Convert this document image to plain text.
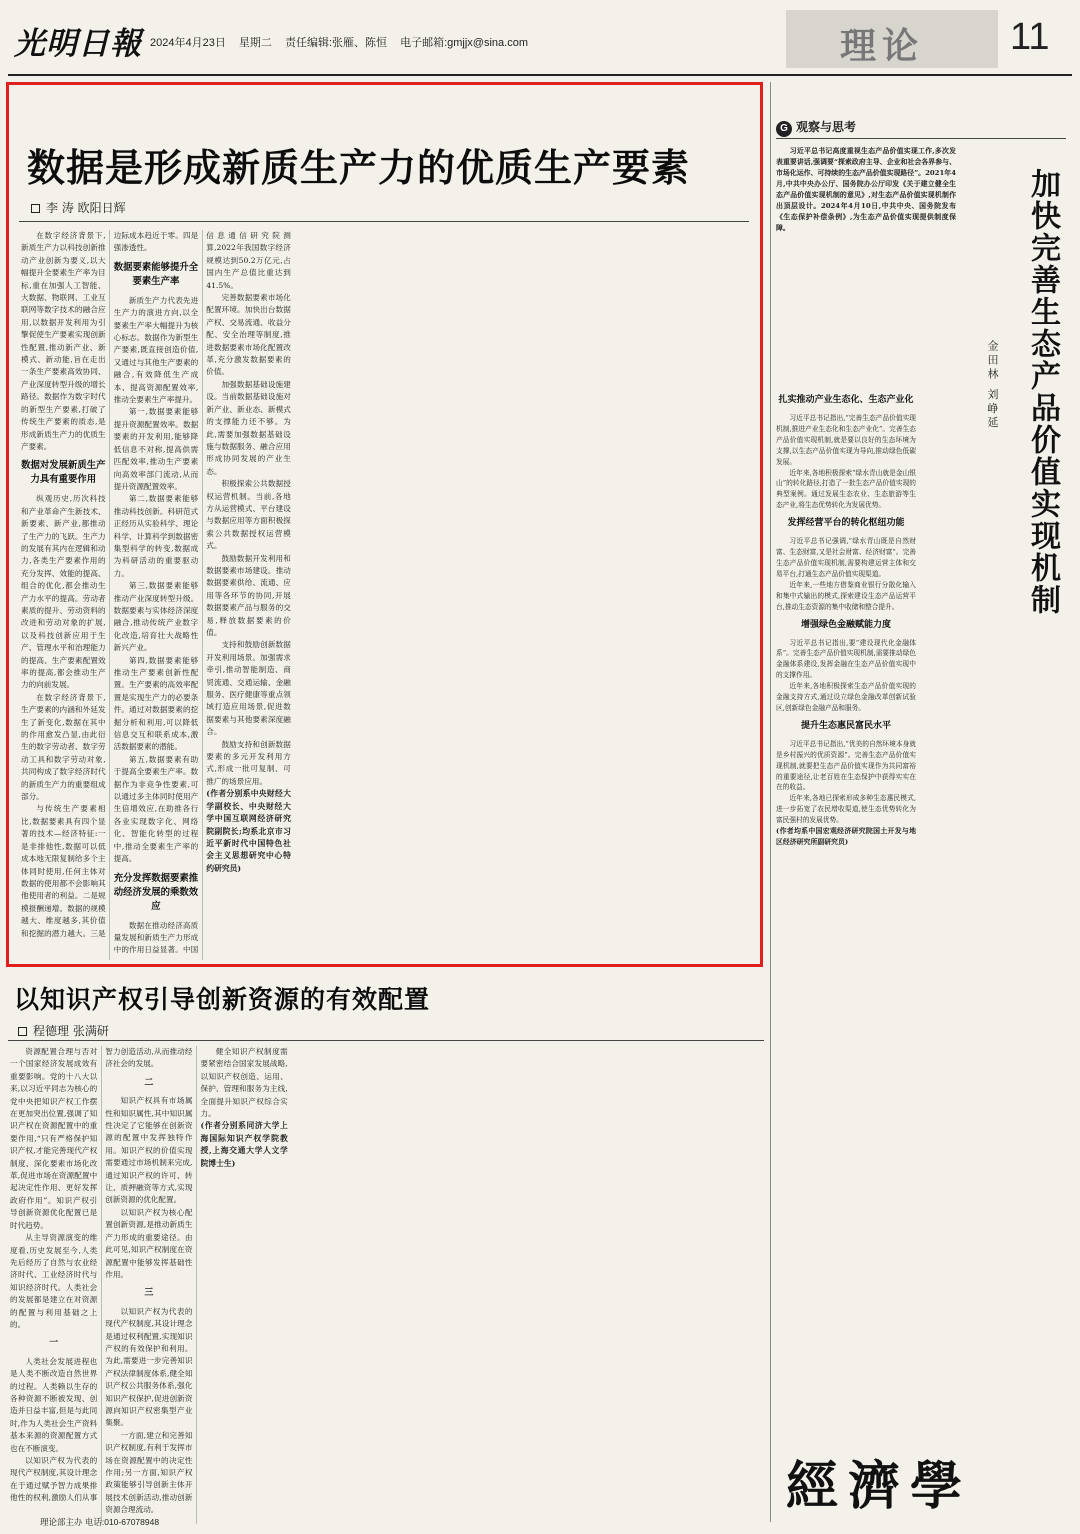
光明日報 2024年4月23日 星期二 责任编辑:张雁、陈恒 电子邮箱:gmjjx@sina.com	理论 11
数据是形成新质生产力的优质生产要素
李 涛 欧阳日辉

在数字经济背景下,新质生产力以科技创新推动产业创新为要义,以大幅提升全要素生产率为目标,重在加强人工智能、大数据、物联网、工业互联网等数字技术的融合应用,以数据开发利用为引擎促使生产要素实现创新性配置,推动新产业、新模式、新动能,旨在走出一条生产要素高效协同、产业深度转型升级的增长路径。数据作为数字时代的新型生产要素,打破了传统生产要素的质态,是形成新质生产力的优质生产要素。

数据对发展新质生产力具有重要作用

纵观历史,历次科技和产业革命产生新技术、新要素、新产业,都推动了生产力的飞跃。生产力的发展有其内在逻辑和动力,各类生产要素作用的充分发挥、效能的提高、组合的优化,都会推动生产力水平的提高。劳动者素质的提升、劳动资料的改进和劳动对象的扩展,以及科技创新应用于生产、管理水平和治理能力的提高、生产要素配置效率的提高,都会推动生产力的向前发展。

在数字经济背景下,生产要素的内涵和外延发生了新变化,数据在其中的作用愈发凸显,由此衍生的数字劳动者、数字劳动工具和数字劳动对象,共同构成了数字经济时代的新质生产力的重要组成部分。

与传统生产要素相比,数据要素具有四个显著的技术—经济特征:一是非排他性,数据可以低成本地无限复制给多个主体同时使用,任何主体对数据的使用都不会影响其他使用者的利益。二是规模报酬递增。数据的规模越大、维度越多,其价值和挖掘的潜力越大。三是边际成本趋近于零。四是强渗透性。

数据要素能够提升全要素生产率

新质生产力代表先进生产力的演进方向,以全要素生产率大幅提升为核心标志。数据作为新型生产要素,既直接创造价值,又通过与其他生产要素的融合,有效降低生产成本、提高资源配置效率,推动全要素生产率提升。

第一,数据要素能够提升资源配置效率。数据要素的开发利用,能够降低信息不对称,提高供需匹配效率,推动生产要素向高效率部门流动,从而提升资源配置效率。

第二,数据要素能够推动科技创新。科研范式正经历从实验科学、理论科学、计算科学到数据密集型科学的转变,数据成为科研活动的重要驱动力。

第三,数据要素能够推动产业深度转型升级。数据要素与实体经济深度融合,推动传统产业数字化改造,培育壮大战略性新兴产业。

第四,数据要素能够推动生产要素创新性配置。生产要素的高效率配置是实现生产力的必要条件。通过对数据要素的挖掘分析和利用,可以降低信息交互和联系成本,激活数据要素的潜能。

第五,数据要素有助于提高全要素生产率。数据作为非竞争性要素,可以通过多主体同时使用产生倍增效应,在助推各行各业实现数字化、网络化、智能化转型的过程中,推动全要素生产率的提高。

充分发挥数据要素推动经济发展的乘数效应

数据在推动经济高质量发展和新质生产力形成中的作用日益显著。中国信息通信研究院测算,2022年我国数字经济规模达到50.2万亿元,占国内生产总值比重达到41.5%。

完善数据要素市场化配置环境。加快出台数据产权、交易流通、收益分配、安全治理等制度,推进数据要素市场化配置改革,充分激发数据要素的价值。

加强数据基础设施建设。当前数据基础设施对新产业、新业态、新模式的支撑能力还不够。为此,需要加强数据基础设施与数据服务、融合应用形成协同发展的产业生态。

积极探索公共数据授权运营机制。当前,各地方从运营模式、平台建设与数据应用等方面积极探索公共数据授权运营模式。

鼓励数据开发利用和数据要素市场建设。推动数据要素供给、流通、应用等各环节的协同,开展数据要素产品与服务的交易,释放数据要素的价值。

支持和鼓励创新数据开发利用场景。加强需求牵引,推动智能制造、商贸流通、交通运输、金融服务、医疗健康等重点领域打造应用场景,促进数据要素与其他要素深度融合。

鼓励支持和创新数据要素的多元开发利用方式,形成一批可复制、可推广的场景应用。

(作者分别系中央财经大学副校长、中央财经大学中国互联网经济研究院副院长;均系北京市习近平新时代中国特色社会主义思想研究中心特约研究员)

以知识产权引导创新资源的有效配置
程德理 张满研

资源配置合理与否对一个国家经济发展成效有重要影响。党的十八大以来,以习近平同志为核心的党中央把知识产权工作摆在更加突出位置,强调了知识产权在资源配置中的重要作用,“只有严格保护知识产权,才能完善现代产权制度、深化要素市场化改革,促进市场在资源配置中起决定性作用、更好发挥政府作用”。知识产权引导创新资源优化配置已是时代趋势。

从主导资源演变的维度看,历史发展至今,人类先后经历了自然与农业经济时代、工业经济时代与知识经济时代。人类社会的发展都是建立在对资源的配置与利用基础之上的。

一

人类社会发展进程也是人类不断改造自然世界的过程。人类赖以生存的各种资源不断被发现、创造并日益丰富,但是与此同时,作为人类社会生产资料基本来源的资源配置方式也在不断演变。

以知识产权为代表的现代产权制度,其设计理念在于通过赋予智力成果排他性的权利,激励人们从事智力创造活动,从而推动经济社会的发展。

二

知识产权具有市场属性和知识属性,其中知识属性决定了它能够在创新资源的配置中发挥独特作用。知识产权的价值实现需要通过市场机制来完成,通过知识产权的许可、转让、质押融资等方式,实现创新资源的优化配置。

以知识产权为核心配置创新资源,是推动新质生产力形成的重要途径。由此可见,知识产权制度在资源配置中能够发挥基础性作用。

三

以知识产权为代表的现代产权制度,其设计理念是通过权利配置,实现知识产权的有效保护和利用。为此,需要进一步完善知识产权法律制度体系,健全知识产权公共服务体系,强化知识产权保护,促进创新资源向知识产权密集型产业集聚。

一方面,建立和完善知识产权制度,有利于发挥市场在资源配置中的决定性作用;另一方面,知识产权政策能够引导创新主体开展技术创新活动,推动创新资源合理流动。

健全知识产权制度需要紧密结合国家发展战略,以知识产权创造、运用、保护、管理和服务为主线,全面提升知识产权综合实力。

(作者分别系同济大学上海国际知识产权学院教授,上海交通大学人文学院博士生)

G 观察与思考

习近平总书记高度重视生态产品价值实现工作,多次发表重要讲话,强调要“探索政府主导、企业和社会各界参与、市场化运作、可持续的生态产品价值实现路径”。2021年4月,中共中央办公厅、国务院办公厅印发《关于建立健全生态产品价值实现机制的意见》,对生态产品价值实现机制作出顶层设计。2024年4月10日,中共中央、国务院发布《生态保护补偿条例》,为生态产品价值实现提供制度保障。	加快完善生态产品价值实现机制
金田林 刘峥延
扎实推动产业生态化、生态产业化

习近平总书记指出,“完善生态产品价值实现机制,推进产业生态化和生态产业化”。完善生态产品价值实现机制,就是要以良好的生态环境为支撑,以生态产品价值实现为导向,推动绿色低碳发展。

近年来,各地积极探索“绿水青山就是金山银山”的转化路径,打造了一批生态产品价值实现的典型案例。通过发展生态农业、生态旅游等生态产业,将生态优势转化为发展优势。

发挥经营平台的转化枢纽功能

习近平总书记强调,“绿水青山既是自然财富、生态财富,又是社会财富、经济财富”。完善生态产品价值实现机制,需要构建运营主体和交易平台,打通生态产品价值实现渠道。

近年来,一些地方借鉴商业银行分散化输入和集中式输出的模式,探索建设生态产品运营平台,推动生态资源的集中收储和整合提升。

增强绿色金融赋能力度

习近平总书记指出,要“建设现代化金融体系”。完善生态产品价值实现机制,需要推动绿色金融体系建设,发挥金融在生态产品价值实现中的支撑作用。

近年来,各地积极探索生态产品价值实现的金融支持方式,通过设立绿色金融改革创新试验区,创新绿色金融产品和服务。

提升生态惠民富民水平

习近平总书记指出,“优美的自然环境本身就是乡村振兴的优质资源”。完善生态产品价值实现机制,就要把生态产品价值实现作为共同富裕的重要途径,让老百姓在生态保护中获得实实在在的收益。

近年来,各地已探索形成多种生态惠民模式,进一步拓宽了农民增收渠道,使生态优势转化为富民强村的发展优势。

(作者均系中国宏观经济研究院国土开发与地区经济研究所副研究员)

經濟學
理论部主办 电话:010-67078948
